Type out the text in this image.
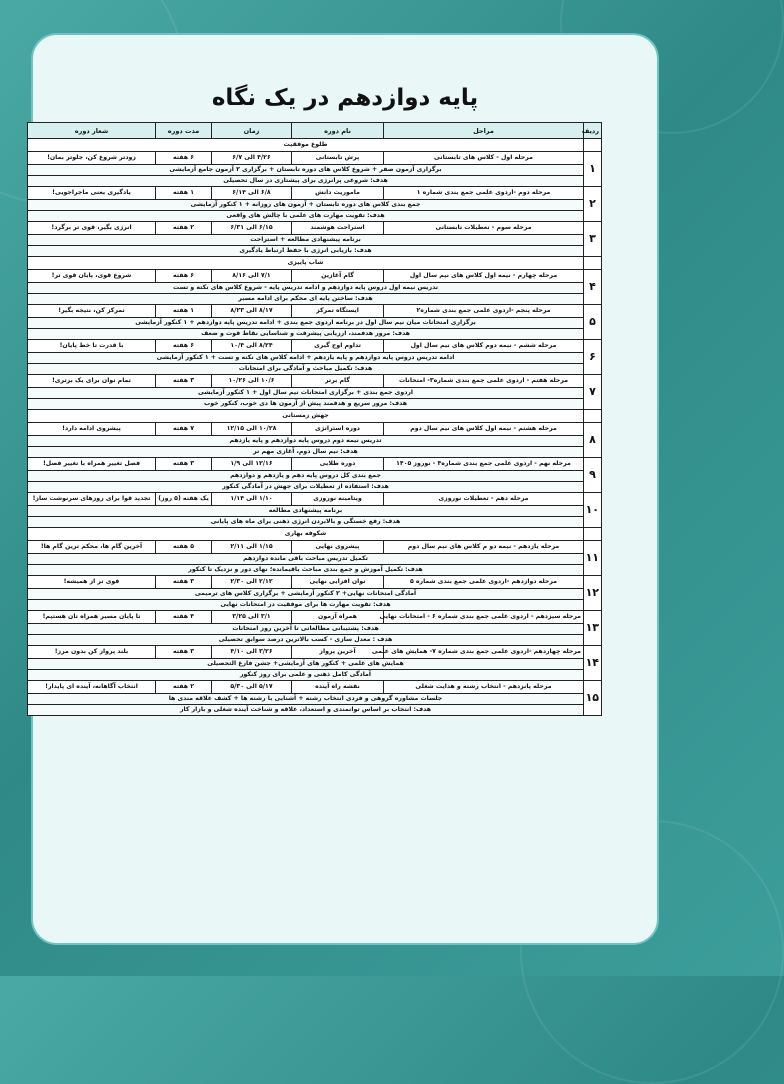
پایه دوازدهم در یک نگاه
ردیف	مراحل	نام دوره	زمان	مدت دوره	شعار دوره
	طلوع موفقیت				
۱	مرحله اول - کلاس های تابستانی	پرش تابستانی	۴/۲۶ الی ۶/۷	۶ هفته	زودتر شروع کن، جلوتر بمان!
	برگزاری آزمون صفر + شروع کلاس های دوره تابستان + برگزاری ۲ آزمون جامع آزمایشی				
	هدف: شروعی پرانرژی برای پیشتازی در سال تحصیلی				
۲	مرحله دوم -اردوی علمی جمع بندی شماره ۱	ماموریت دانش	۶/۸ الی ۶/۱۴	۱ هفته	یادگیری یعنی ماجراجویی!
	جمع بندی کلاس های دوره تابستان + آزمون های روزانه + ۱ کنکور آزمایشی				
	هدف: تقویت مهارت های علمی با چالش های واقعی				
۳	مرحله سوم - تعطیلات تابستانی	استراحت هوشمند	۶/۱۵ الی ۶/۳۱	۲ هفته	انرژی بگیر، قوی تر برگرد!
	برنامه پیشنهادی مطالعه + استراحت				
	هدف: بازیابی انرژی با حفظ ارتباط یادگیری				
	شاب پاییزی				
۴	مرحله چهارم - نیمه اول کلاس های نیم سال اول	گام آغازین	۷/۱ الی ۸/۱۶	۶ هفته	شروع قوی، پایان قوی تر!
	تدریس نیمه اول دروس پایه دوازدهم و ادامه تدریس پایه - شروع کلاس های نکته و تست				
	هدف: ساختن پایه ای محکم برای ادامه مسیر				
۵	مرحله پنجم -اردوی علمی جمع بندی شماره۲	ایستگاه تمرکز	۸/۱۷ الی ۸/۲۳	۱ هفته	تمرکز کن، نتیجه بگیر!
	برگزاری امتحانات میان نیم سال اول در برنامه اردوی جمع بندی + ادامه تدریس پایه دوازدهم + ۱ کنکور آزمایشی				
	هدف: مرور هدفمند، ارزیابی پیشرفت و شناسایی نقاط قوت و ضعف				
۶	مرحله ششم - نیمه دوم کلاس های نیم سال اول	تداوم اوج گیری	۸/۲۴ الی ۱۰/۴	۶ هفته	با قدرت تا خط پایان!
	ادامه تدریس دروس پایه دوازدهم و پایه یازدهم + ادامه کلاس های نکته و تست + ۱ کنکور آزمایشی				
	هدف: تکمیل مباحث و آمادگی برای امتحانات				
۷	مرحله هفتم - اردوی علمی جمع بندی شماره۳- امتحانات	گام برتر	۱۰/۶ الی ۱۰/۲۶	۳ هفته	تمام توان برای یک برتری!
	اردوی جمع بندی + برگزاری امتحانات نیم سال اول + ۱ کنکور آزمایشی				
	هدف: مرور سریع و هدفمند پیش از آزمون ها دی خوب، کنکور خوب				
	جهش زمستانی				
۸	مرحله هشتم - نیمه اول کلاس های نیم سال دوم	دوره استراتژی	۱۰/۲۸ الی ۱۲/۱۵	۷ هفته	پیشروی ادامه دارد!
	تدریس نیمه دوم دروس پایه دوازدهم و پایه یازدهم				
	هدف: نیم سال دوم، آغازی مهم تر				
۹	مرحله نهم - اردوی علمی جمع بندی شماره۴ - نوروز ۱۴۰۵	دوره طلایی	۱۲/۱۶ الی ۱/۹	۳ هفته	فصل تغییر همراه با تغییر فصل!
	جمع بندی کل دروس پایه دهم و یازدهم و دوازدهم				
	هدف: استفاده از تعطیلات برای جهش در آمادگی کنکور				
۱۰	مرحله دهم - تعطیلات نوروزی	ویتامینه نوروزی	۱/۱۰ الی ۱/۱۴	یک هفته (۵ روز)	تجدید قوا برای روزهای سرنوشت ساز!
	برنامه پیشنهادی مطالعه				
	هدف: رفع خستگی و بالابردن انرژی ذهنی برای ماه های پایانی				
	شکوفه بهاری				
۱۱	مرحله یازدهم - نیمه دو م کلاس های نیم سال دوم	پیشروی نهایی	۱/۱۵ الی ۲/۱۱	۵ هفته	آخرین گام ها، محکم ترین گام ها!
	تکمیل تدریس مباحث باقی مانده دوازدهم				
	هدف: تکمیل آموزش و جمع بندی مباحث باقیمانده؛ نهای دور و نزدیک تا کنکور				
۱۲	مرحله دوازدهم -اردوی علمی جمع بندی شماره ۵	توان افزایی نهایی	۲/۱۲ الی ۲/۳۰	۳ هفته	قوی تر از همیشه!
	آمادگی امتحانات نهایی+ ۲ کنکور آزمایشی + برگزاری کلاس های ترمیمی				
	هدف: تقویت مهارت ها برای موفقیت در امتحانات نهایی				
۱۳	مرحله سیزدهم - اردوی علمی جمع بندی شماره ۶ - امتحانات نهایی	همراه آزمون	۳/۱ الی ۳/۲۵	۴ هفته	تا پایان مسیر همراه تان هستیم!
	هدف: پشتیبانی مطالعاتی تا آخرین روز امتحانات				
	هدف : معدل سازی - کسب بالاترین درصد سوابق تحصیلی				
۱۴	مرحله چهاردهم -اردوی علمی جمع بندی شماره ۷- همایش های علمی	آخرین پرواز	۳/۲۶ الی ۴/۱۰	۳ هفته	بلند پرواز کن بدون مرز!
	همایش های علمی + کنکور های آزمایشی+ جشن فارغ التحصیلی				
	آمادگی کامل ذهنی و علمی برای روز کنکور				
۱۵	مرحله پانزدهم - انتخاب رشته و هدایت شغلی	نقشه راه آینده	۵/۱۷ الی ۵/۳۰	۲ هفته	انتخاب آگاهانه، آینده ای پایدار!
	جلسات مشاوره گروهی و فردی انتخاب رشته + آشنایی با رشته ها + کشف علاقه مندی ها				
	هدف: انتخاب بر اساس توانمندی و استعداد، علاقه و شناخت آینده شغلی و بازار کار				
